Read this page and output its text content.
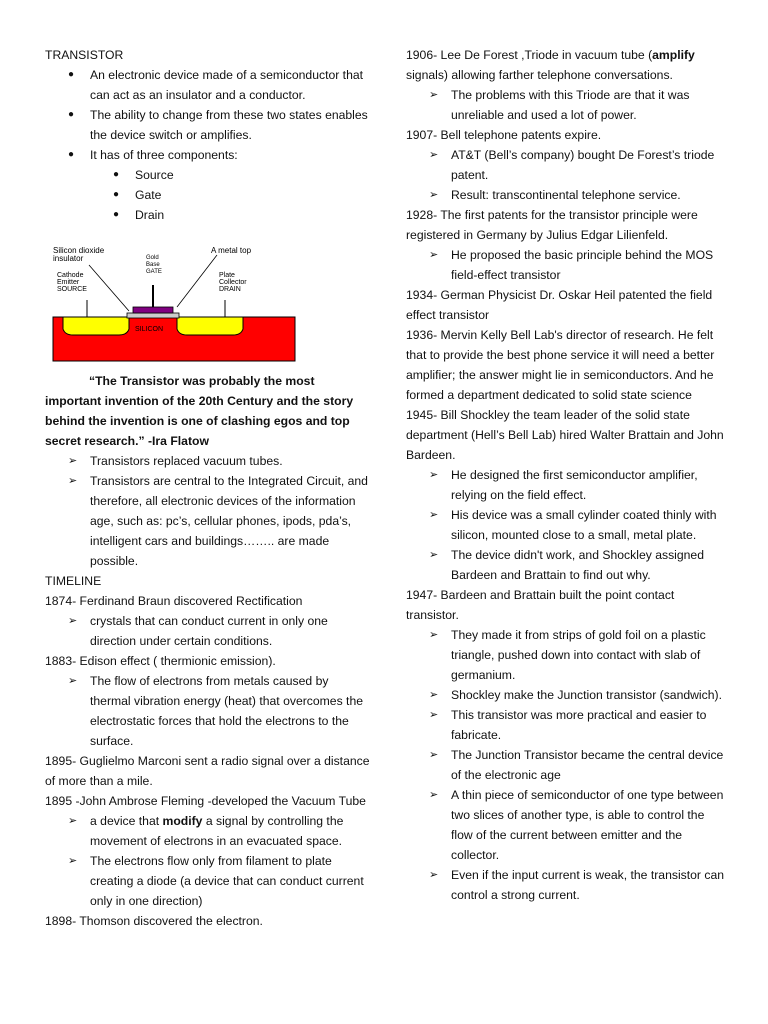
TRANSISTOR

● An electronic device made of a semiconductor that can act as an insulator and a conductor.
● The ability to change from these two states enables the device switch or amplifies.
● It has of three components:
● Source
● Gate
● Drain
Silicon dioxide insulator
A metal top
Gold Base GATE
Cathode Emitter SOURCE
Plate Collector DRAIN
SILICON

“The Transistor was probably the most important invention of the 20th Century and the story behind the invention is one of clashing egos and top secret research.” -Ira Flatow

➢ Transistors replaced vacuum tubes.
➢ Transistors are central to the Integrated Circuit, and therefore, all electronic devices of the information age, such as: pc’s, cellular phones, ipods, pda’s, intelligent cars and buildings…….. are made possible.

TIMELINE

1874- Ferdinand Braun discovered Rectification

➢ crystals that can conduct current in only one direction under certain conditions.

1883- Edison effect ( thermionic emission).

➢ The flow of electrons from metals caused by thermal vibration energy (heat) that overcomes the electrostatic forces that hold the electrons to the surface.

1895- Guglielmo Marconi sent a radio signal over a distance of more than a mile.

1895 -John Ambrose Fleming -developed the Vacuum Tube

➢ a device that modify a signal by controlling the movement of electrons in an evacuated space.
➢ The electrons flow only from filament to plate creating a diode (a device that can conduct current only in one direction)

1898- Thomson discovered the electron.

1906- Lee De Forest ,Triode in vacuum tube (amplify signals) allowing farther telephone conversations.

➢ The problems with this Triode are that it was unreliable and used a lot of power.

1907- Bell telephone patents expire.

➢ AT&T (Bell’s company) bought De Forest’s triode patent.
➢ Result: transcontinental telephone service.

1928- The first patents for the transistor principle were registered in Germany by Julius Edgar Lilienfeld.

➢ He proposed the basic principle behind the MOS field-effect transistor

1934- German Physicist Dr. Oskar Heil patented the field effect transistor

1936- Mervin Kelly Bell Lab's director of research. He felt that to provide the best phone service it will need a better amplifier; the answer might lie in semiconductors. And he formed a department dedicated to solid state science

1945- Bill Shockley the team leader of the solid state department (Hell’s Bell Lab) hired Walter Brattain and John Bardeen.

➢ He designed the first semiconductor amplifier, relying on the field effect.
➢ His device was a small cylinder coated thinly with silicon, mounted close to a small, metal plate.
➢ The device didn't work, and Shockley assigned Bardeen and Brattain to find out why.

1947- Bardeen and Brattain built the point contact transistor.

➢ They made it from strips of gold foil on a plastic triangle, pushed down into contact with slab of germanium.
➢ Shockley make the Junction transistor (sandwich).
➢ This transistor was more practical and easier to fabricate.
➢ The Junction Transistor became the central device of the electronic age
➢ A thin piece of semiconductor of one type between two slices of another type, is able to control the flow of the current between emitter and the collector.
➢ Even if the input current is weak, the transistor can control a strong current.
